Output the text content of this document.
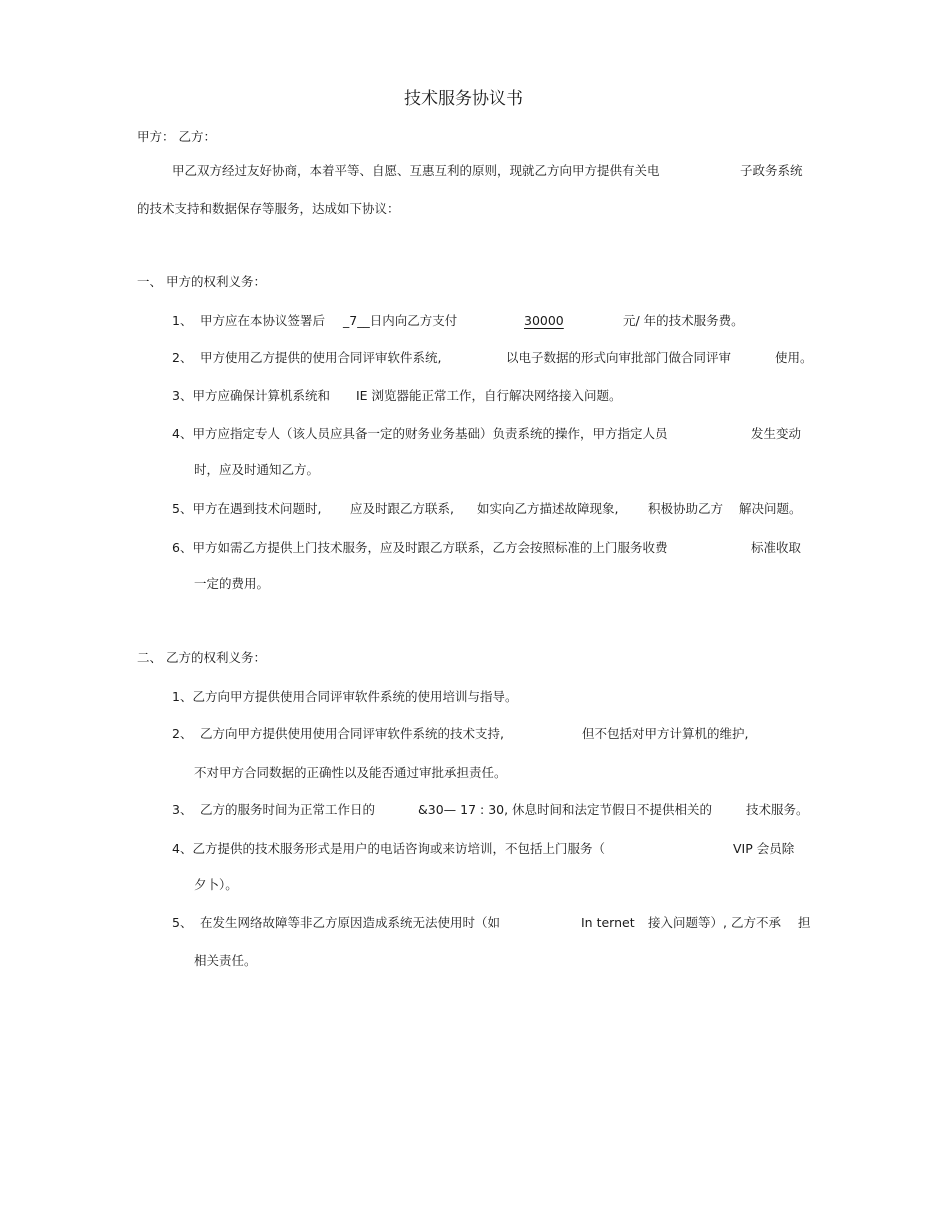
技术服务协议书
甲方： 乙方：
甲乙双方经过友好协商，本着平等、自愿、互惠互利的原则，现就乙方向甲方提供有关电	子政务系统
的技术支持和数据保存等服务，达成如下协议：
一、 甲方的权利义务：
1、 甲方应在本协议签署后 _7__日内向乙方支付	30000	元/ 年的技术服务费。
2、 甲方使用乙方提供的使用合同评审软件系统,	以电子数据的形式向审批部门做合同评审	使用。
3、甲方应确保计算机系统和 IE 浏览器能正常工作，自行解决网络接入问题。
4、甲方应指定专人（该人员应具备一定的财务业务基础）负责系统的操作，甲方指定人员	发生变动
时，应及时通知乙方。
5、甲方在遇到技术问题时, 应及时跟乙方联系, 如实向乙方描述故障现象, 积极协助乙方 解决问题。
6、甲方如需乙方提供上门技术服务，应及时跟乙方联系，乙方会按照标准的上门服务收费	标准收取
一定的费用。
二、 乙方的权利义务：
1、乙方向甲方提供使用合同评审软件系统的使用培训与指导。
2、 乙方向甲方提供使用使用合同评审软件系统的技术支持,	但不包括对甲方计算机的维护,
不对甲方合同数据的正确性以及能否通过审批承担责任。
3、 乙方的服务时间为正常工作日的	&30— 17 : 30, 休息时间和法定节假日不提供相关的	技术服务。
4、乙方提供的技术服务形式是用户的电话咨询或来访培训，不包括上门服务（	VIP 会员除
夕卜）。
5、 在发生网络故障等非乙方原因造成系统无法使用时（如	In ternet 接入问题等）, 乙方不承 担
相关责任。
